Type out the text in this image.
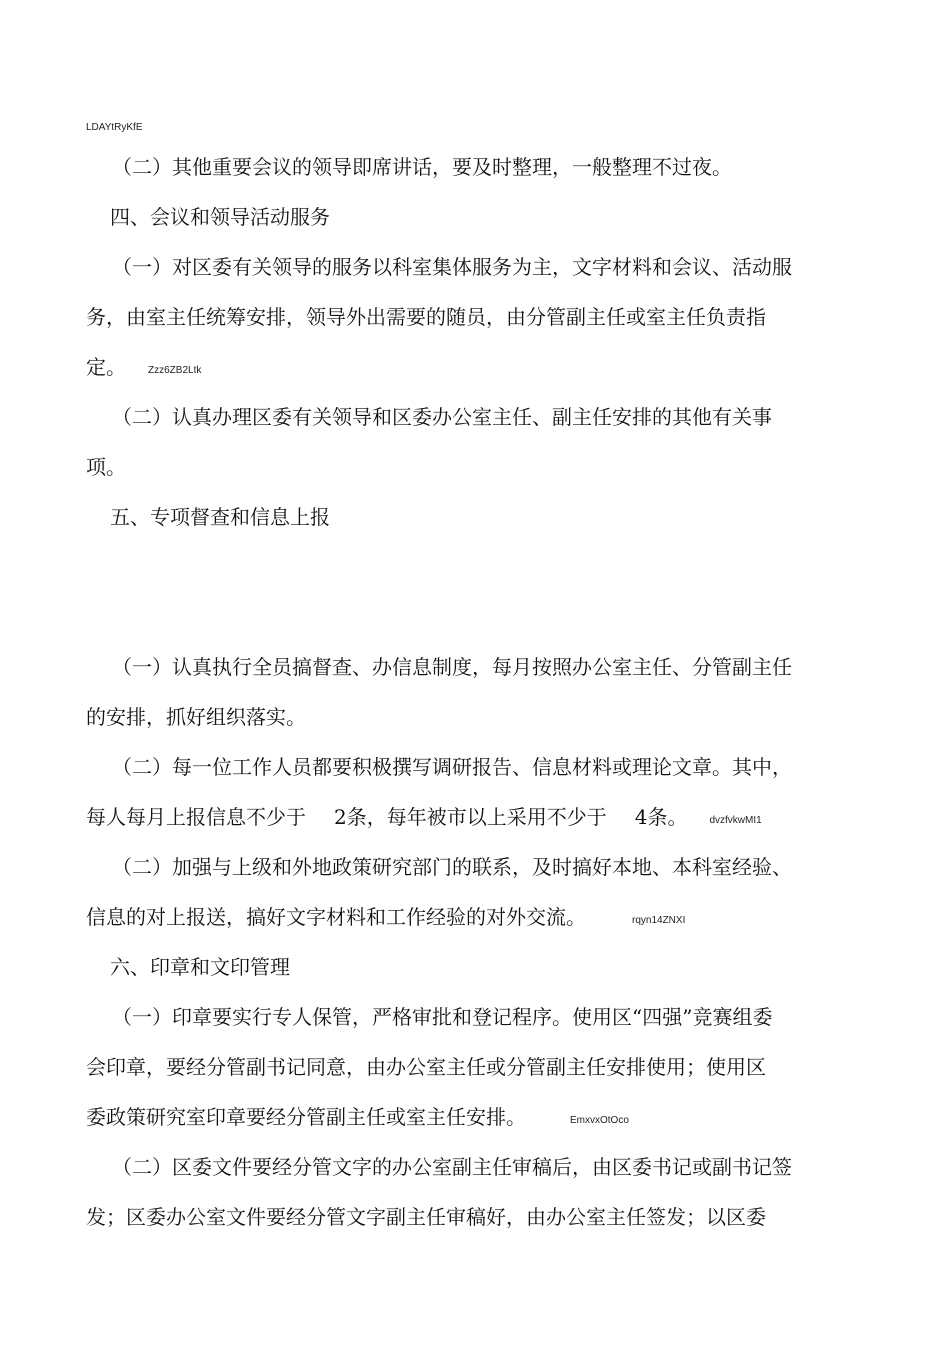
LDAYtRyKfE
（二）其他重要会议的领导即席讲话，要及时整理，一般整理不过夜。
四、会议和领导活动服务
（一）对区委有关领导的服务以科室集体服务为主，文字材料和会议、活动服
务，由室主任统筹安排，领导外出需要的随员，由分管副主任或室主任负责指
定。 Zzz6ZB2Ltk
（二）认真办理区委有关领导和区委办公室主任、副主任安排的其他有关事
项。
五、专项督查和信息上报
（一）认真执行全员搞督查、办信息制度，每月按照办公室主任、分管副主任
的安排，抓好组织落实。
（二）每一位工作人员都要积极撰写调研报告、信息材料或理论文章。其中，
每人每月上报信息不少于 2条，每年被市以上采用不少于 4条。 dvzfvkwMI1
（二）加强与上级和外地政策研究部门的联系，及时搞好本地、本科室经验、
信息的对上报送，搞好文字材料和工作经验的对外交流。	rqyn14ZNXI
六、印章和文印管理
（一）印章要实行专人保管，严格审批和登记程序。使用区“四强”竞赛组委
会印章，要经分管副书记同意，由办公室主任或分管副主任安排使用；使用区
委政策研究室印章要经分管副主任或室主任安排。	EmxvxOtOco
（二）区委文件要经分管文字的办公室副主任审稿后，由区委书记或副书记签
发；区委办公室文件要经分管文字副主任审稿好，由办公室主任签发；以区委
